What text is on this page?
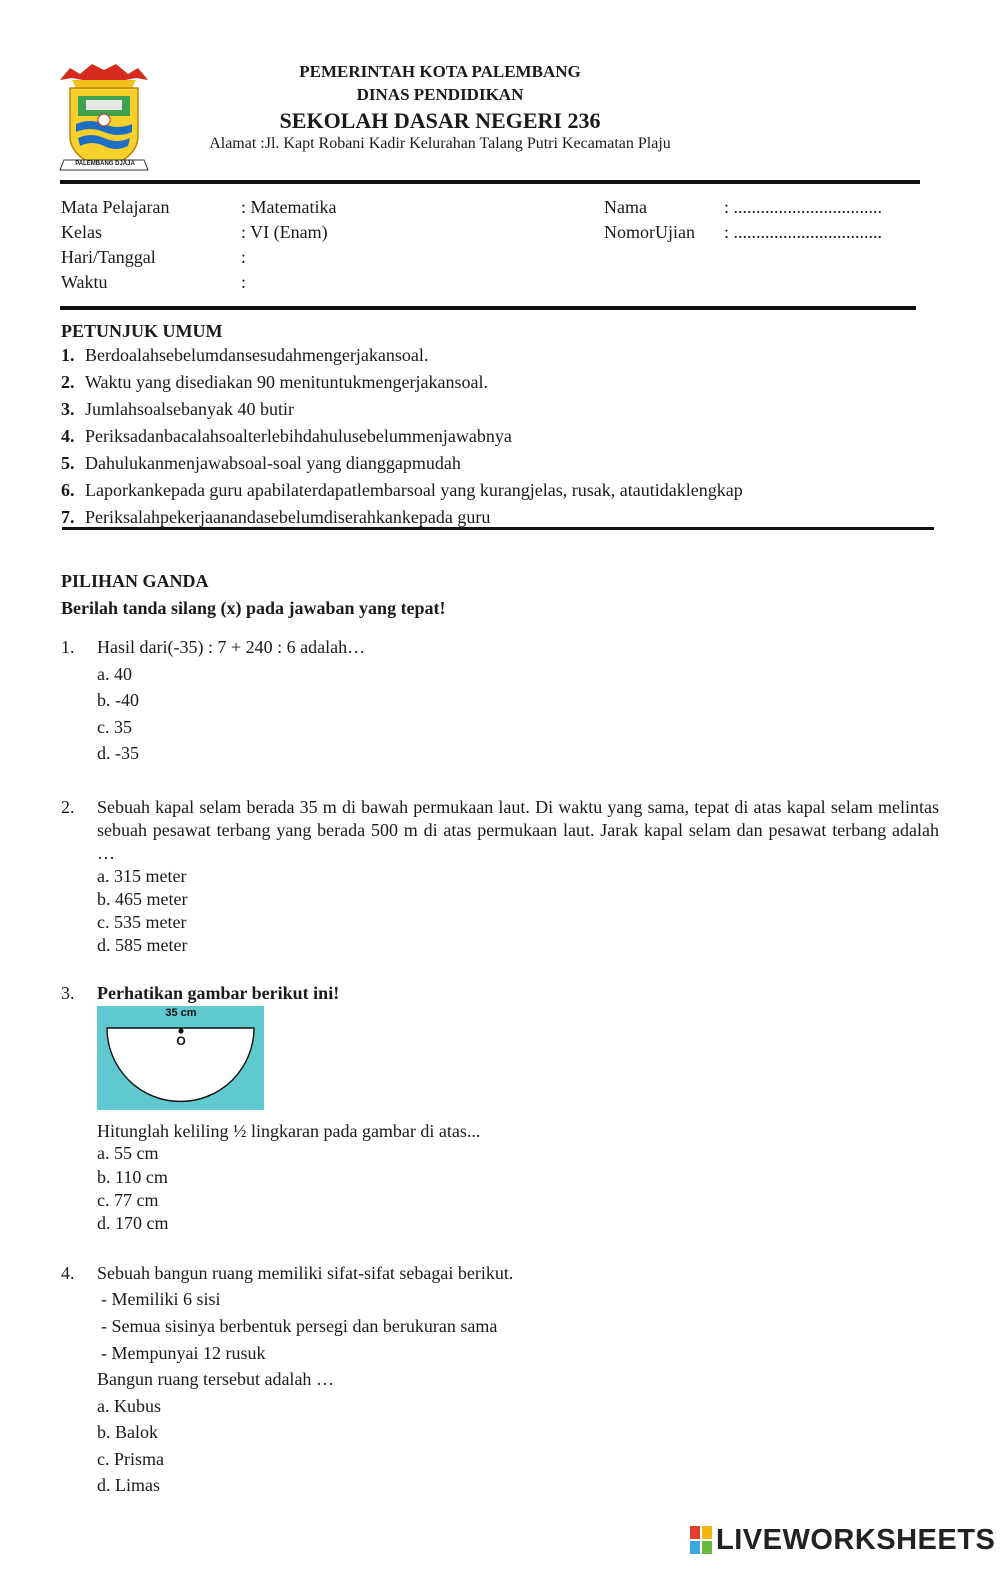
PALEMBANG DJAJA
PEMERINTAH KOTA PALEMBANG
DINAS PENDIDIKAN
SEKOLAH DASAR NEGERI 236
Alamat :Jl. Kapt Robani Kadir Kelurahan Talang Putri Kecamatan Plaju
Mata Pelajaran	: Matematika
Kelas	: VI (Enam)
Hari/Tanggal	:
Waktu	:
Nama	: .................................
NomorUjian : .................................
PETUNJUK UMUM
1. Berdoalahsebelumdansesudahmengerjakansoal.
2. Waktu yang disediakan 90 menituntukmengerjakansoal.
3. Jumlahsoalsebanyak 40 butir
4. Periksadanbacalahsoalterlebihdahulusebelummenjawabnya
5. Dahulukanmenjawabsoal-soal yang dianggapmudah
6. Laporkankepada guru apabilaterdapatlembarsoal yang kurangjelas, rusak, atautidaklengkap
7. Periksalahpekerjaanandasebelumdiserahkankepada guru
PILIHAN GANDA
Berilah tanda silang (x) pada jawaban yang tepat!
1. Hasil dari(-35) : 7 + 240 : 6 adalah…
a. 40
b. -40
c. 35
d. -35
2. Sebuah kapal selam berada 35 m di bawah permukaan laut. Di waktu yang sama, tepat di atas kapal selam melintas sebuah pesawat terbang yang berada 500 m di atas permukaan laut. Jarak kapal selam dan pesawat terbang adalah …
a. 315 meter
b. 465 meter
c. 535 meter
d. 585 meter
3. Perhatikan gambar berikut ini!
35 cm
O
Hitunglah keliling ½ lingkaran pada gambar di atas...
a. 55 cm
b. 110 cm
c. 77 cm
d. 170 cm
4. Sebuah bangun ruang memiliki sifat-sifat sebagai berikut.
- Memiliki 6 sisi
- Semua sisinya berbentuk persegi dan berukuran sama
- Mempunyai 12 rusuk
Bangun ruang tersebut adalah …
a. Kubus
b. Balok
c. Prisma
d. Limas
LIVEWORKSHEETS
